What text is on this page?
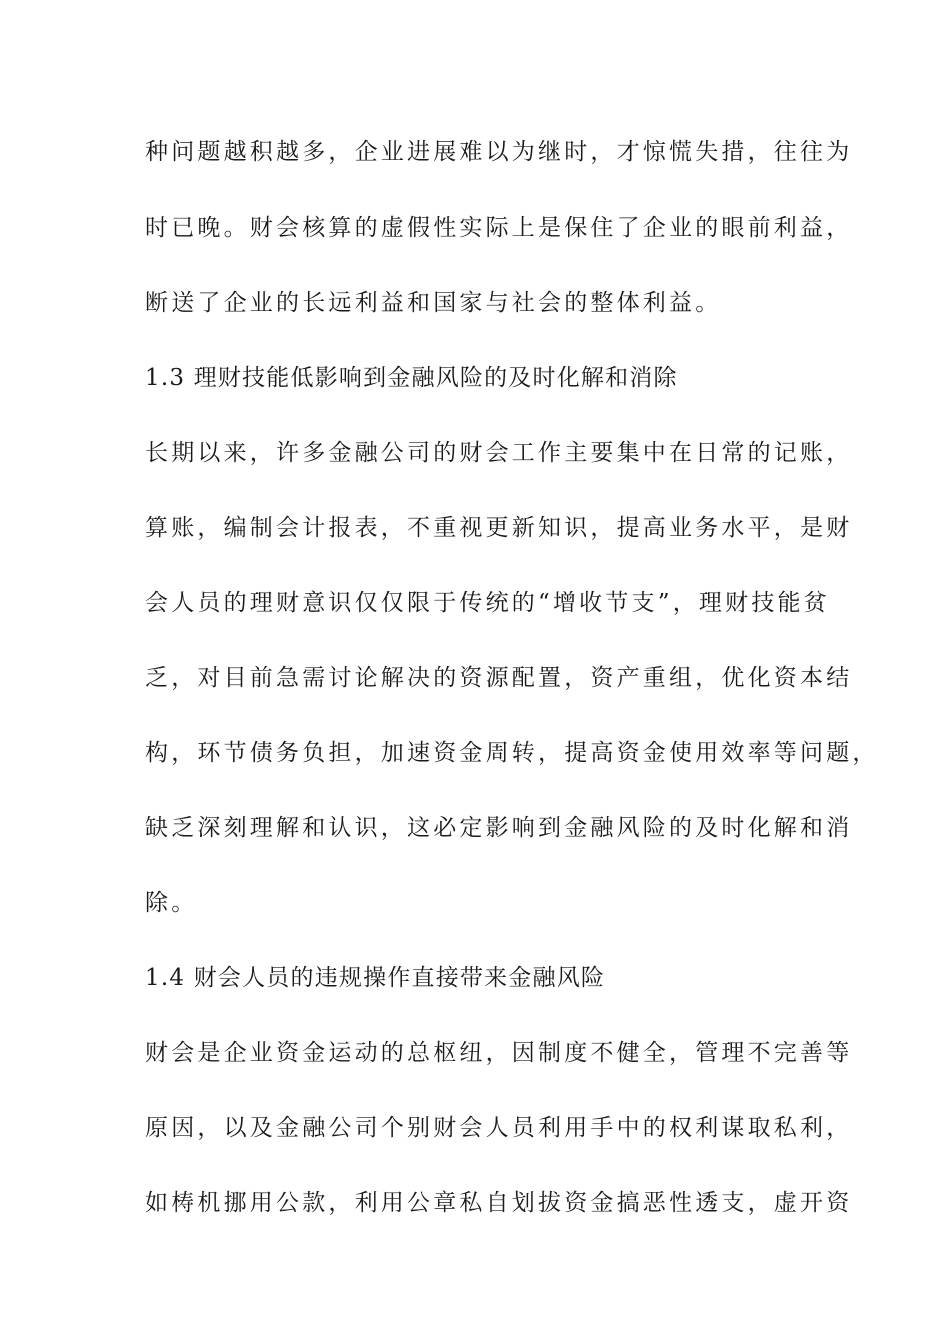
种问题越积越多，企业进展难以为继时，才惊慌失措，往往为
时已晚。财会核算的虚假性实际上是保住了企业的眼前利益，
断送了企业的长远利益和国家与社会的整体利益。
1.3 理财技能低影响到金融风险的及时化解和消除
长期以来，许多金融公司的财会工作主要集中在日常的记账，
算账，编制会计报表，不重视更新知识，提高业务水平，是财
会人员的理财意识仅仅限于传统的“增收节支”，理财技能贫
乏，对目前急需讨论解决的资源配置，资产重组，优化资本结
构，环节债务负担，加速资金周转，提高资金使用效率等问题，
缺乏深刻理解和认识，这必定影响到金融风险的及时化解和消
除。
1.4 财会人员的违规操作直接带来金融风险
财会是企业资金运动的总枢纽，因制度不健全，管理不完善等
原因，以及金融公司个别财会人员利用手中的权利谋取私利，
如梼机挪用公款，利用公章私自划拔资金搞恶性透支，虚开资
